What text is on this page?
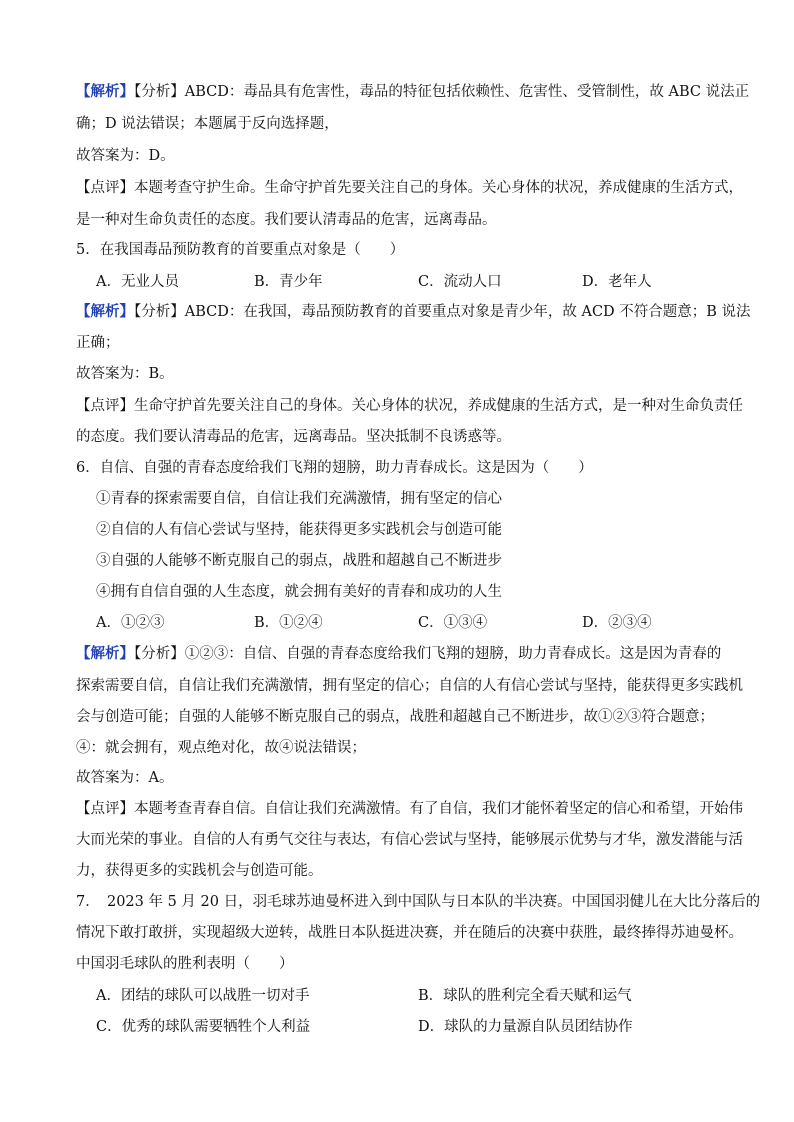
【解析】【分析】ABCD：毒品具有危害性，毒品的特征包括依赖性、危害性、受管制性，故 ABC 说法正
确；D 说法错误；本题属于反向选择题，
故答案为：D。
【点评】本题考查守护生命。生命守护首先要关注自己的身体。关心身体的状况，养成健康的生活方式，
是一种对生命负责任的态度。我们要认清毒品的危害，远离毒品。
5．在我国毒品预防教育的首要重点对象是（　　）
A．无业人员	B．青少年	C．流动人口	D．老年人
【解析】【分析】ABCD：在我国，毒品预防教育的首要重点对象是青少年，故 ACD 不符合题意；B 说法
正确；
故答案为：B。
【点评】生命守护首先要关注自己的身体。关心身体的状况，养成健康的生活方式，是一种对生命负责任
的态度。我们要认清毒品的危害，远离毒品。坚决抵制不良诱惑等。
6．自信、自强的青春态度给我们飞翔的翅膀，助力青春成长。这是因为（　　）
①青春的探索需要自信，自信让我们充满激情，拥有坚定的信心
②自信的人有信心尝试与坚持，能获得更多实践机会与创造可能
③自强的人能够不断克服自己的弱点，战胜和超越自己不断进步
④拥有自信自强的人生态度，就会拥有美好的青春和成功的人生
A．①②③	B．①②④	C．①③④	D．②③④
【解析】【分析】①②③：自信、自强的青春态度给我们飞翔的翅膀，助力青春成长。这是因为青春的
探索需要自信，自信让我们充满激情，拥有坚定的信心；自信的人有信心尝试与坚持，能获得更多实践机
会与创造可能；自强的人能够不断克服自己的弱点，战胜和超越自己不断进步，故①②③符合题意；
④：就会拥有，观点绝对化，故④说法错误；
故答案为：A。
【点评】本题考查青春自信。自信让我们充满激情。有了自信，我们才能怀着坚定的信心和希望，开始伟
大而光荣的事业。自信的人有勇气交往与表达，有信心尝试与坚持，能够展示优势与才华，激发潜能与活
力，获得更多的实践机会与创造可能。
7．　2023 年 5 月 20 日，羽毛球苏迪曼杯进入到中国队与日本队的半决赛。中国国羽健儿在大比分落后的
情况下敢打敢拼，实现超级大逆转，战胜日本队挺进决赛，并在随后的决赛中获胜，最终捧得苏迪曼杯。
中国羽毛球队的胜利表明（　　）
A．团结的球队可以战胜一切对手	B．球队的胜利完全看天赋和运气
C．优秀的球队需要牺牲个人利益	D．球队的力量源自队员团结协作
